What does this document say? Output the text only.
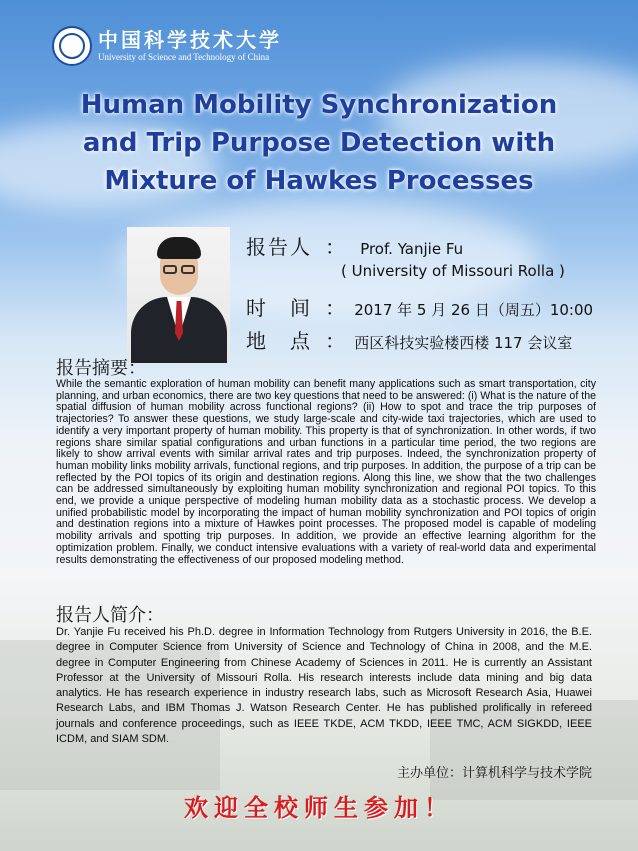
中国科学技术大学
University of Science and Technology of China
Human Mobility Synchronization
and Trip Purpose Detection with
Mixture of Hawkes Processes
报告人 ： Prof. Yanjie Fu
( University of Missouri Rolla )
时　间 ： 2017 年 5 月 26 日（周五）10:00
地　点 ： 西区科技实验楼西楼 117 会议室
报告摘要：
While the semantic exploration of human mobility can benefit many applications such as smart transportation, city planning, and urban economics, there are two key questions that need to be answered: (i) What is the nature of the spatial diffusion of human mobility across functional regions? (ii) How to spot and trace the trip purposes of trajectories? To answer these questions, we study large-scale and city-wide taxi trajectories, which are used to identify a very important property of human mobility. This property is that of synchronization. In other words, if two regions share similar spatial configurations and urban functions in a particular time period, the two regions are likely to show arrival events with similar arrival rates and trip purposes. Indeed, the synchronization property of human mobility links mobility arrivals, functional regions, and trip purposes. In addition, the purpose of a trip can be reflected by the POI topics of its origin and destination regions. Along this line, we show that the two challenges can be addressed simultaneously by exploiting human mobility synchronization and regional POI topics. To this end, we provide a unique perspective of modeling human mobility data as a stochastic process. We develop a unified probabilistic model by incorporating the impact of human mobility synchronization and POI topics of origin and destination regions into a mixture of Hawkes point processes. The proposed model is capable of modeling mobility arrivals and spotting trip purposes. In addition, we provide an effective learning algorithm for the optimization problem. Finally, we conduct intensive evaluations with a variety of real-world data and experimental results demonstrating the effectiveness of our proposed modeling method.
报告人简介：
Dr. Yanjie Fu received his Ph.D. degree in Information Technology from Rutgers University in 2016, the B.E. degree in Computer Science from University of Science and Technology of China in 2008, and the M.E. degree in Computer Engineering from Chinese Academy of Sciences in 2011. He is currently an Assistant Professor at the University of Missouri Rolla. His research interests include data mining and big data analytics. He has research experience in industry research labs, such as Microsoft Research Asia, Huawei Research Labs, and IBM Thomas J. Watson Research Center. He has published prolifically in refereed journals and conference proceedings, such as IEEE TKDE, ACM TKDD, IEEE TMC, ACM SIGKDD, IEEE ICDM, and SIAM SDM.
主办单位：计算机科学与技术学院
欢迎全校师生参加！
